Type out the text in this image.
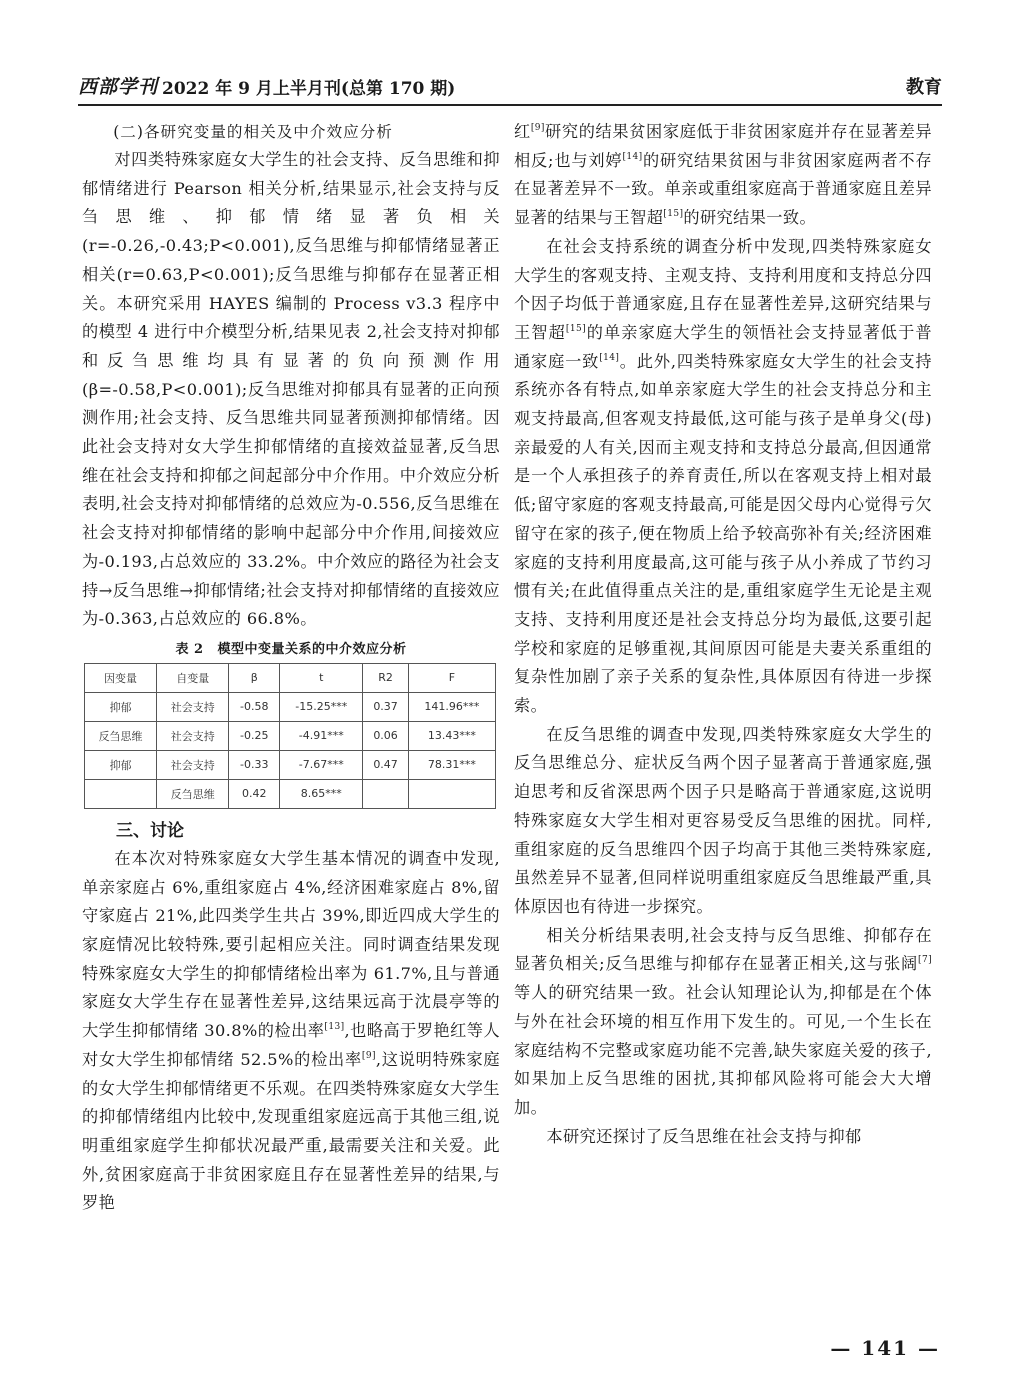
西部学刊 2022 年 9 月上半月刊(总第 170 期)	教育

(二)各研究变量的相关及中介效应分析

对四类特殊家庭女大学生的社会支持、反刍思维和抑郁情绪进行 Pearson 相关分析,结果显示,社会支持与反刍思维、抑郁情绪显著负相关(r=-0.26,-0.43;P<0.001),反刍思维与抑郁情绪显著正相关(r=0.63,P<0.001);反刍思维与抑郁存在显著正相关。本研究采用 HAYES 编制的 Process v3.3 程序中的模型 4 进行中介模型分析,结果见表 2,社会支持对抑郁和反刍思维均具有显著的负向预测作用(β=-0.58,P<0.001);反刍思维对抑郁具有显著的正向预测作用;社会支持、反刍思维共同显著预测抑郁情绪。因此社会支持对女大学生抑郁情绪的直接效益显著,反刍思维在社会支持和抑郁之间起部分中介作用。中介效应分析表明,社会支持对抑郁情绪的总效应为-0.556,反刍思维在社会支持对抑郁情绪的影响中起部分中介作用,间接效应为-0.193,占总效应的 33.2%。中介效应的路径为社会支持→反刍思维→抑郁情绪;社会支持对抑郁情绪的直接效应为-0.363,占总效应的 66.8%。

表 2 模型中变量关系的中介效应分析
因变量	自变量	β	t	R2	F
抑郁	社会支持	-0.58	-15.25***	0.37	141.96***
反刍思维	社会支持	-0.25	-4.91***	0.06	13.43***
抑郁	社会支持	-0.33	-7.67***	0.47	78.31***
	反刍思维	0.42	8.65***		

三、讨论

在本次对特殊家庭女大学生基本情况的调查中发现,单亲家庭占 6%,重组家庭占 4%,经济困难家庭占 8%,留守家庭占 21%,此四类学生共占 39%,即近四成大学生的家庭情况比较特殊,要引起相应关注。同时调查结果发现特殊家庭女大学生的抑郁情绪检出率为 61.7%,且与普通家庭女大学生存在显著性差异,这结果远高于沈晨亭等的大学生抑郁情绪 30.8%的检出率[13],也略高于罗艳红等人对女大学生抑郁情绪 52.5%的检出率[9],这说明特殊家庭的女大学生抑郁情绪更不乐观。在四类特殊家庭女大学生的抑郁情绪组内比较中,发现重组家庭远高于其他三组,说明重组家庭学生抑郁状况最严重,最需要关注和关爱。此外,贫困家庭高于非贫困家庭且存在显著性差异的结果,与罗艳

红[9]研究的结果贫困家庭低于非贫困家庭并存在显著差异相反;也与刘婷[14]的研究结果贫困与非贫困家庭两者不存在显著差异不一致。单亲或重组家庭高于普通家庭且差异显著的结果与王智超[15]的研究结果一致。

在社会支持系统的调查分析中发现,四类特殊家庭女大学生的客观支持、主观支持、支持利用度和支持总分四个因子均低于普通家庭,且存在显著性差异,这研究结果与王智超[15]的单亲家庭大学生的领悟社会支持显著低于普通家庭一致[14]。此外,四类特殊家庭女大学生的社会支持系统亦各有特点,如单亲家庭大学生的社会支持总分和主观支持最高,但客观支持最低,这可能与孩子是单身父(母)亲最爱的人有关,因而主观支持和支持总分最高,但因通常是一个人承担孩子的养育责任,所以在客观支持上相对最低;留守家庭的客观支持最高,可能是因父母内心觉得亏欠留守在家的孩子,便在物质上给予较高弥补有关;经济困难家庭的支持利用度最高,这可能与孩子从小养成了节约习惯有关;在此值得重点关注的是,重组家庭学生无论是主观支持、支持利用度还是社会支持总分均为最低,这要引起学校和家庭的足够重视,其间原因可能是夫妻关系重组的复杂性加剧了亲子关系的复杂性,具体原因有待进一步探索。

在反刍思维的调查中发现,四类特殊家庭女大学生的反刍思维总分、症状反刍两个因子显著高于普通家庭,强迫思考和反省深思两个因子只是略高于普通家庭,这说明特殊家庭女大学生相对更容易受反刍思维的困扰。同样,重组家庭的反刍思维四个因子均高于其他三类特殊家庭,虽然差异不显著,但同样说明重组家庭反刍思维最严重,具体原因也有待进一步探究。

相关分析结果表明,社会支持与反刍思维、抑郁存在显著负相关;反刍思维与抑郁存在显著正相关,这与张阔[7]等人的研究结果一致。社会认知理论认为,抑郁是在个体与外在社会环境的相互作用下发生的。可见,一个生长在家庭结构不完整或家庭功能不完善,缺失家庭关爱的孩子,如果加上反刍思维的困扰,其抑郁风险将可能会大大增加。

本研究还探讨了反刍思维在社会支持与抑郁

— 141 —
